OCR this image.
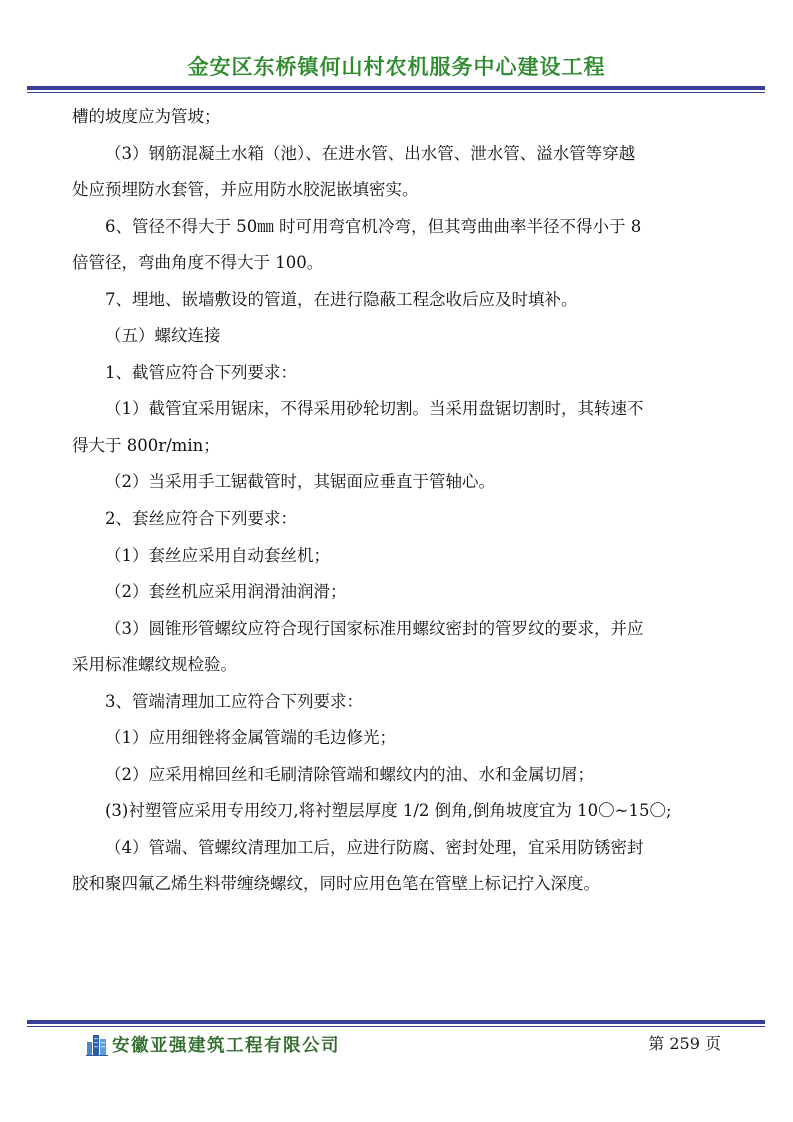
金安区东桥镇何山村农机服务中心建设工程
槽的坡度应为管坡；
（3）钢筋混凝土水箱（池）、在进水管、出水管、泄水管、溢水管等穿越
处应预埋防水套管，并应用防水胶泥嵌填密实。
6、管径不得大于 50㎜ 时可用弯官机冷弯，但其弯曲曲率半径不得小于 8
倍管径，弯曲角度不得大于 100。
7、埋地、嵌墙敷设的管道，在进行隐蔽工程念收后应及时填补。
（五）螺纹连接
1、截管应符合下列要求：
（1）截管宜采用锯床，不得采用砂轮切割。当采用盘锯切割时，其转速不
得大于 800r/min；
（2）当采用手工锯截管时，其锯面应垂直于管轴心。
2、套丝应符合下列要求：
（1）套丝应采用自动套丝机；
（2）套丝机应采用润滑油润滑；
（3）圆锥形管螺纹应符合现行国家标准用螺纹密封的管罗纹的要求，并应
采用标准螺纹规检验。
3、管端清理加工应符合下列要求：
（1）应用细锉将金属管端的毛边修光；
（2）应采用棉回丝和毛刷清除管端和螺纹内的油、水和金属切屑；
(3)衬塑管应采用专用绞刀,将衬塑层厚度 1/2 倒角,倒角坡度宜为 10〇~15〇;
（4）管端、管螺纹清理加工后，应进行防腐、密封处理，宜采用防锈密封
胶和聚四氟乙烯生料带缠绕螺纹，同时应用色笔在管壁上标记拧入深度。
安徽亚强建筑工程有限公司	第 259 页
